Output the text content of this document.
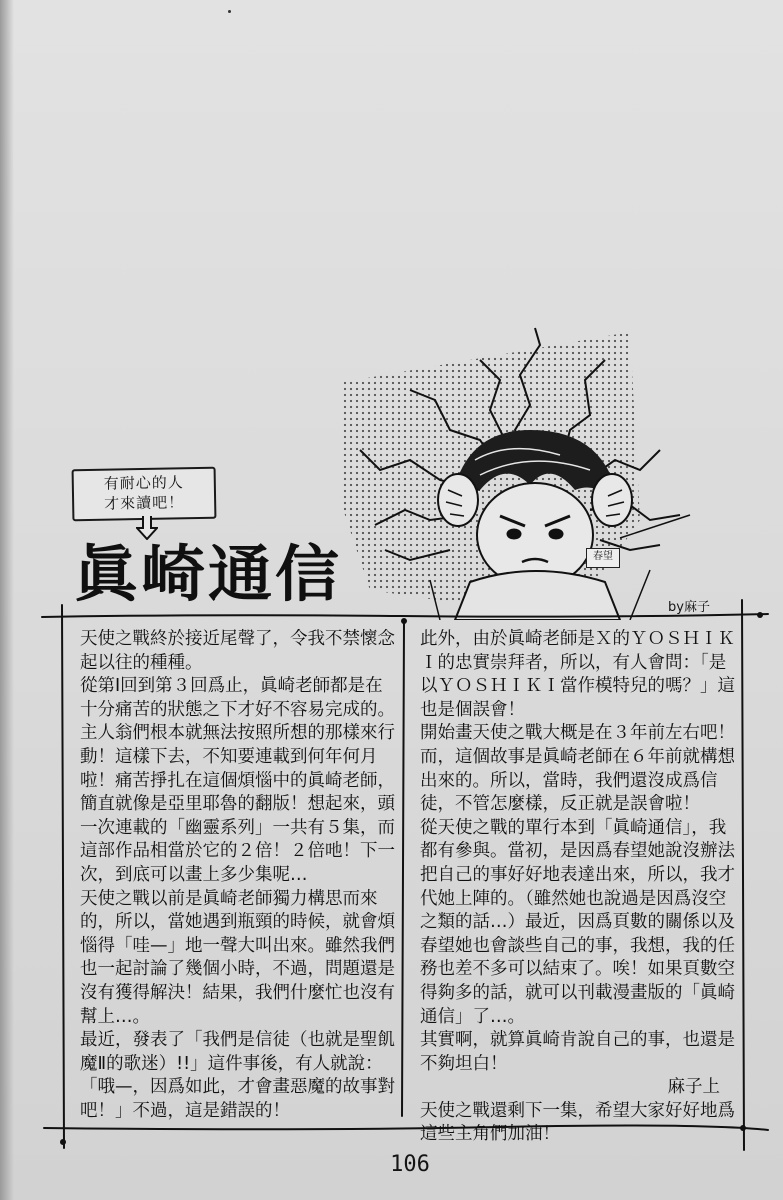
春望
有耐心的人
才來讀吧！
眞崎通信	by麻子

天使之戰終於接近尾聲了，令我不禁懷念起以往的種種。

從第Ⅰ回到第３回爲止，眞崎老師都是在十分痛苦的狀態之下才好不容易完成的。主人翁們根本就無法按照所想的那樣來行動！這樣下去，不知要連載到何年何月啦！痛苦掙扎在這個煩惱中的眞崎老師，簡直就像是亞里耶魯的翻版！想起來，頭一次連載的「幽靈系列」一共有５集，而這部作品相當於它的２倍！２倍吔！下一次，到底可以畫上多少集呢…

天使之戰以前是眞崎老師獨力構思而來的，所以，當她遇到瓶頸的時候，就會煩惱得「哇—」地一聲大叫出來。雖然我們也一起討論了幾個小時，不過，問題還是沒有獲得解決！結果，我們什麼忙也沒有幫上…。

最近，發表了「我們是信徒（也就是聖飢魔Ⅱ的歌迷）!!」這件事後，有人就說：「哦—，因爲如此，才會畫惡魔的故事對吧！」不過，這是錯誤的！

此外，由於眞崎老師是Ｘ的ＹＯＳＨＩＫＩ的忠實崇拜者，所以，有人會問：「是以ＹＯＳＨＩＫＩ當作模特兒的嗎？」這也是個誤會！

開始畫天使之戰大概是在３年前左右吧！而，這個故事是眞崎老師在６年前就構想出來的。所以，當時，我們還沒成爲信徒，不管怎麼樣，反正就是誤會啦！

從天使之戰的單行本到「眞崎通信」，我都有參與。當初，是因爲春望她說沒辦法把自己的事好好地表達出來，所以，我才代她上陣的。（雖然她也說過是因爲沒空之類的話…）最近，因爲頁數的關係以及春望她也會談些自己的事，我想，我的任務也差不多可以結束了。唉！如果頁數空得夠多的話，就可以刊載漫畫版的「眞崎通信」了…。

其實啊，就算眞崎肯說自己的事，也還是不夠坦白！

麻子上

天使之戰還剩下一集，希望大家好好地爲這些主角們加油！

106
